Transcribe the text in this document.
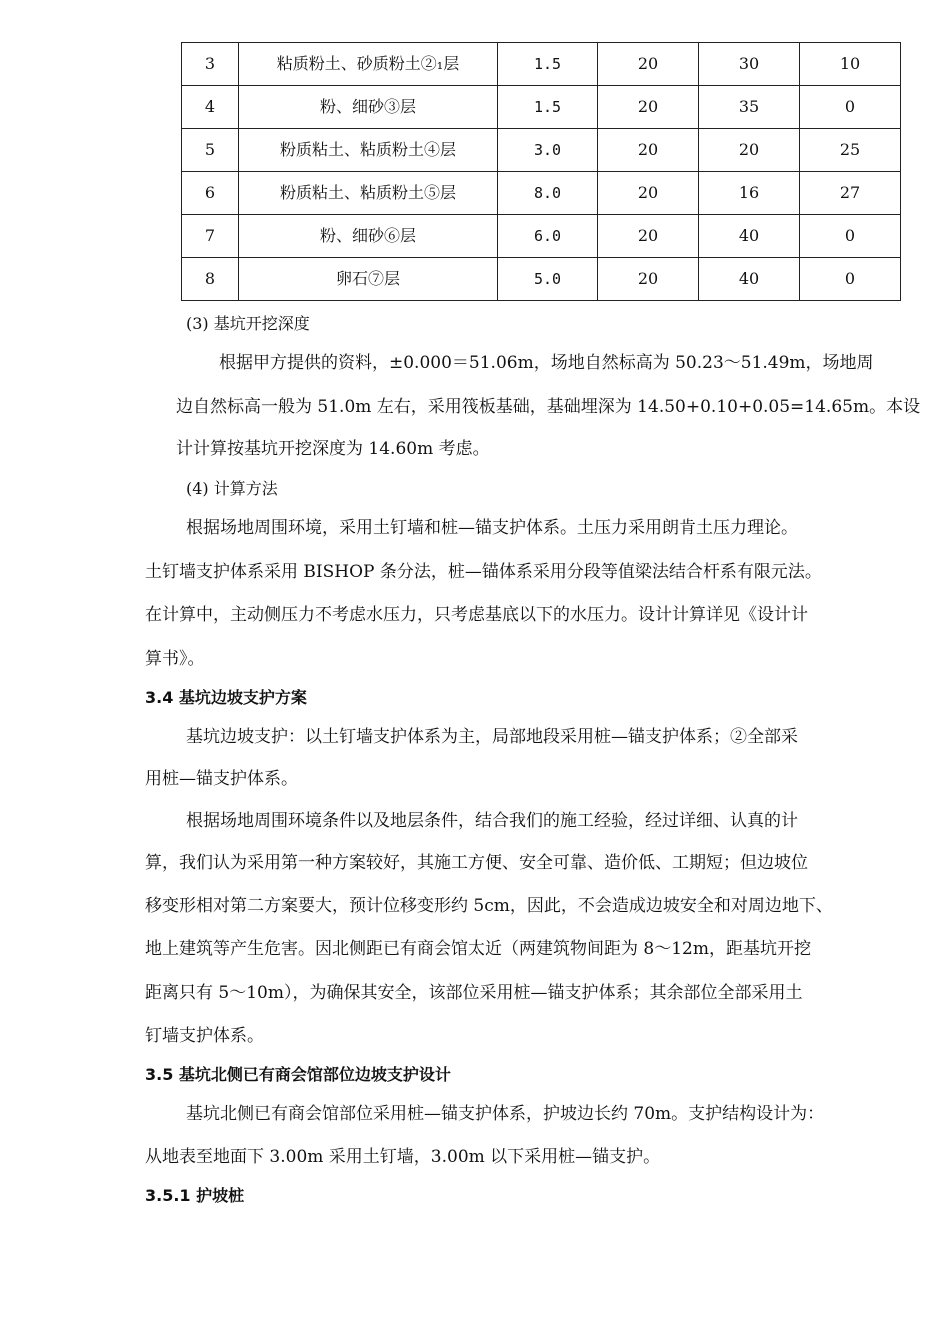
3	粘质粉土、砂质粉土②₁层	1.5	20	30	10
4	粉、细砂③层	1.5	20	35	0
5	粉质粘土、粘质粉土④层	3.0	20	20	25
6	粉质粘土、粘质粉土⑤层	8.0	20	16	27
7	粉、细砂⑥层	6.0	20	40	0
8	卵石⑦层	5.0	20	40	0
(3) 基坑开挖深度
根据甲方提供的资料，±0.000＝51.06m，场地自然标高为 50.23～51.49m，场地周
边自然标高一般为 51.0m 左右，采用筏板基础，基础埋深为 14.50+0.10+0.05=14.65m。本设
计计算按基坑开挖深度为 14.60m 考虑。
(4) 计算方法
根据场地周围环境，采用土钉墙和桩—锚支护体系。土压力采用朗肯土压力理论。
土钉墙支护体系采用 BISHOP 条分法，桩—锚体系采用分段等值梁法结合杆系有限元法。
在计算中，主动侧压力不考虑水压力，只考虑基底以下的水压力。设计计算详见《设计计
算书》。
3.4 基坑边坡支护方案
基坑边坡支护：以土钉墙支护体系为主，局部地段采用桩—锚支护体系；②全部采
用桩—锚支护体系。
根据场地周围环境条件以及地层条件，结合我们的施工经验，经过详细、认真的计
算，我们认为采用第一种方案较好，其施工方便、安全可靠、造价低、工期短；但边坡位
移变形相对第二方案要大，预计位移变形约 5cm，因此，不会造成边坡安全和对周边地下、
地上建筑等产生危害。因北侧距已有商会馆太近（两建筑物间距为 8～12m，距基坑开挖
距离只有 5～10m），为确保其安全，该部位采用桩—锚支护体系；其余部位全部采用土
钉墙支护体系。
3.5 基坑北侧已有商会馆部位边坡支护设计
基坑北侧已有商会馆部位采用桩—锚支护体系，护坡边长约 70m。支护结构设计为：
从地表至地面下 3.00m 采用土钉墙，3.00m 以下采用桩—锚支护。
3.5.1 护坡桩
